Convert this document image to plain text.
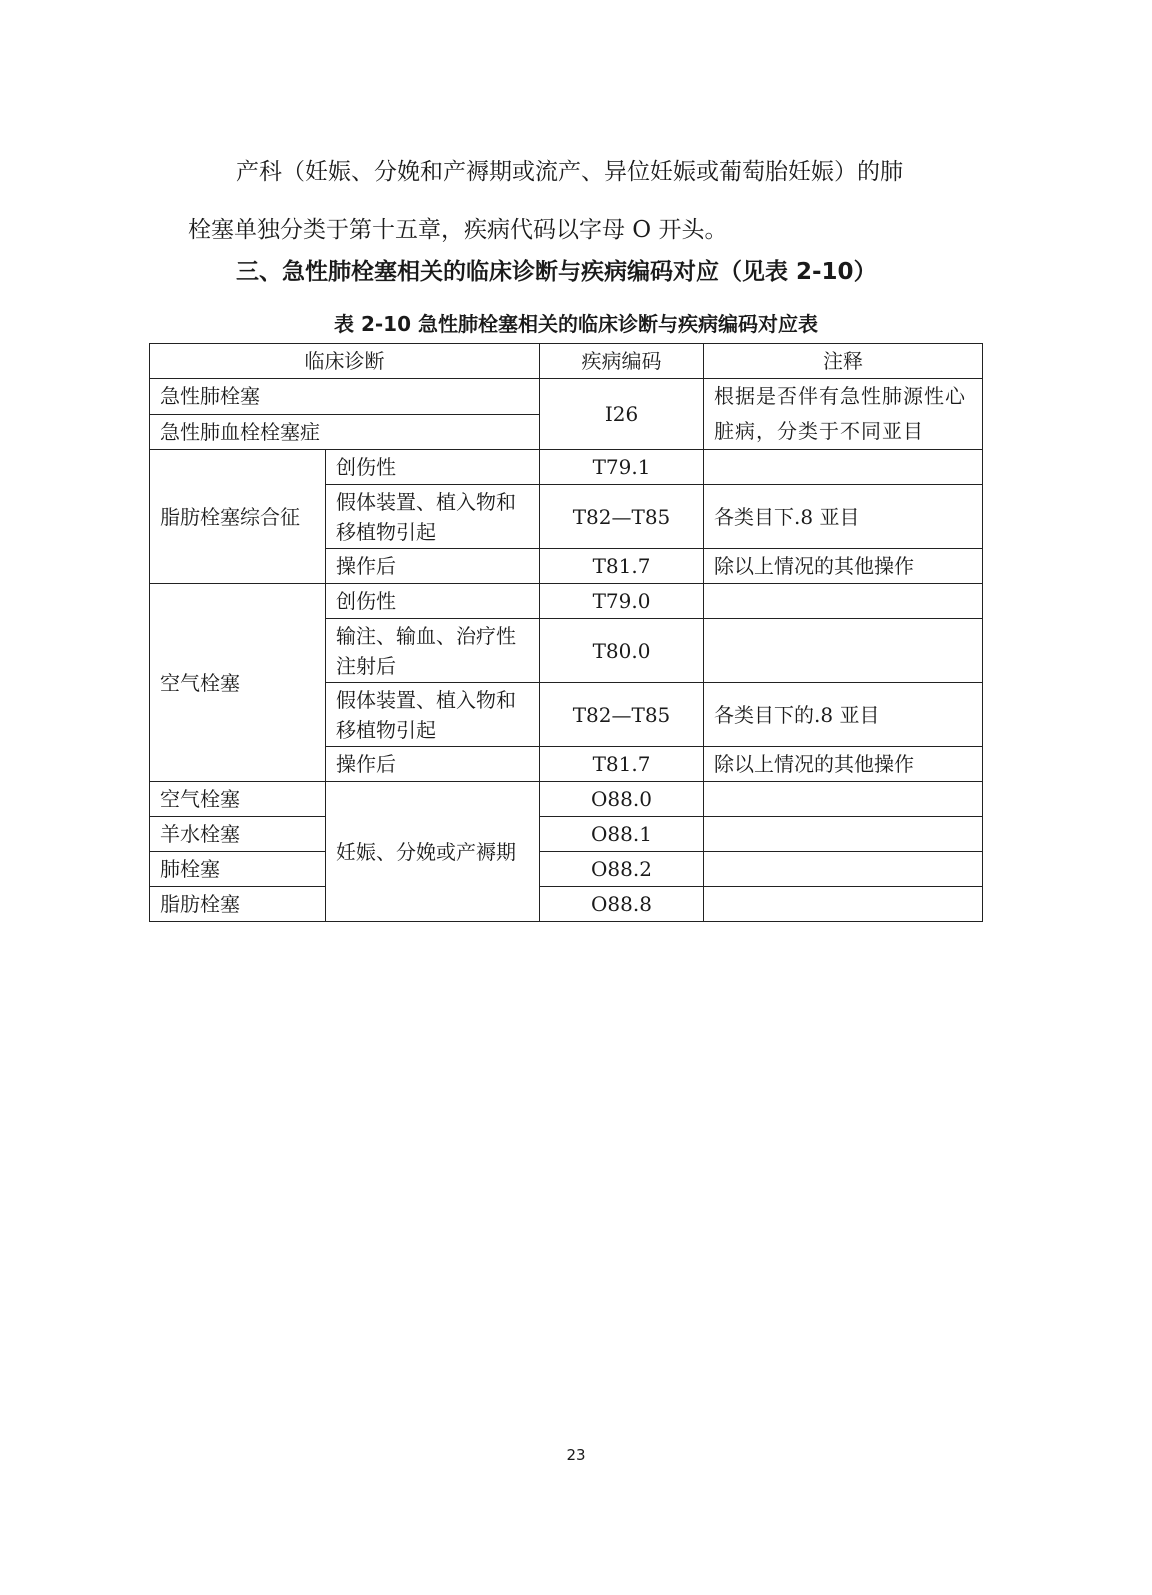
产科（妊娠、分娩和产褥期或流产、异位妊娠或葡萄胎妊娠）的肺
栓塞单独分类于第十五章，疾病代码以字母 O 开头。
三、急性肺栓塞相关的临床诊断与疾病编码对应（见表 2-10）
表 2-10 急性肺栓塞相关的临床诊断与疾病编码对应表
临床诊断		疾病编码	注释
急性肺栓塞		I26	根据是否伴有急性肺源性心脏病，分类于不同亚目
急性肺血栓栓塞症			
脂肪栓塞综合征	创伤性	T79.1	
	假体装置、植入物和移植物引起	T82—T85	各类目下.8 亚目
	操作后	T81.7	除以上情况的其他操作
空气栓塞	创伤性	T79.0	
	输注、输血、治疗性注射后	T80.0	
	假体装置、植入物和移植物引起	T82—T85	各类目下的.8 亚目
	操作后	T81.7	除以上情况的其他操作
空气栓塞	妊娠、分娩或产褥期	O88.0	
羊水栓塞		O88.1	
肺栓塞		O88.2	
脂肪栓塞		O88.8	
23
